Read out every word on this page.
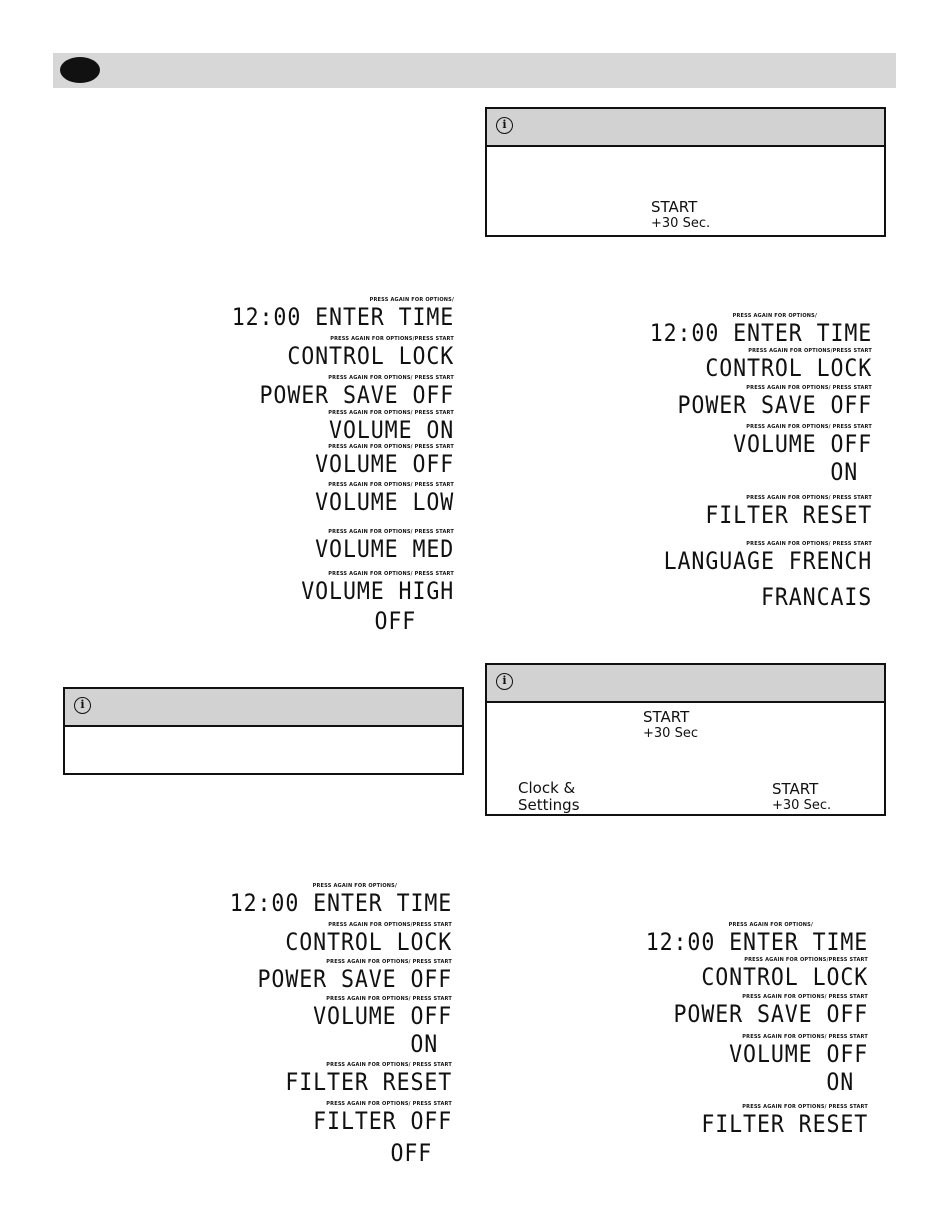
i
START
+30 Sec.
i
i
START
+30 Sec
Clock & Settings
START
+30 Sec.
PRESS AGAIN FOR OPTIONS/
12:00 ENTER TIME
PRESS AGAIN FOR OPTIONS/PRESS START
CONTROL LOCK
PRESS AGAIN FOR OPTIONS/ PRESS START
POWER SAVE OFF
PRESS AGAIN FOR OPTIONS/ PRESS START
VOLUME ON
PRESS AGAIN FOR OPTIONS/ PRESS START
VOLUME OFF
PRESS AGAIN FOR OPTIONS/ PRESS START
VOLUME LOW
PRESS AGAIN FOR OPTIONS/ PRESS START
VOLUME MED
PRESS AGAIN FOR OPTIONS/ PRESS START
VOLUME HIGH
OFF
PRESS AGAIN FOR OPTIONS/
12:00 ENTER TIME
PRESS AGAIN FOR OPTIONS/PRESS START
CONTROL LOCK
PRESS AGAIN FOR OPTIONS/ PRESS START
POWER SAVE OFF
PRESS AGAIN FOR OPTIONS/ PRESS START
VOLUME OFF
ON
PRESS AGAIN FOR OPTIONS/ PRESS START
FILTER RESET
PRESS AGAIN FOR OPTIONS/ PRESS START
LANGUAGE FRENCH
FRANCAIS
PRESS AGAIN FOR OPTIONS/
12:00 ENTER TIME
PRESS AGAIN FOR OPTIONS/PRESS START
CONTROL LOCK
PRESS AGAIN FOR OPTIONS/ PRESS START
POWER SAVE OFF
PRESS AGAIN FOR OPTIONS/ PRESS START
VOLUME OFF
ON
PRESS AGAIN FOR OPTIONS/ PRESS START
FILTER RESET
PRESS AGAIN FOR OPTIONS/ PRESS START
FILTER OFF
OFF
PRESS AGAIN FOR OPTIONS/
12:00 ENTER TIME
PRESS AGAIN FOR OPTIONS/PRESS START
CONTROL LOCK
PRESS AGAIN FOR OPTIONS/ PRESS START
POWER SAVE OFF
PRESS AGAIN FOR OPTIONS/ PRESS START
VOLUME OFF
ON
PRESS AGAIN FOR OPTIONS/ PRESS START
FILTER RESET
